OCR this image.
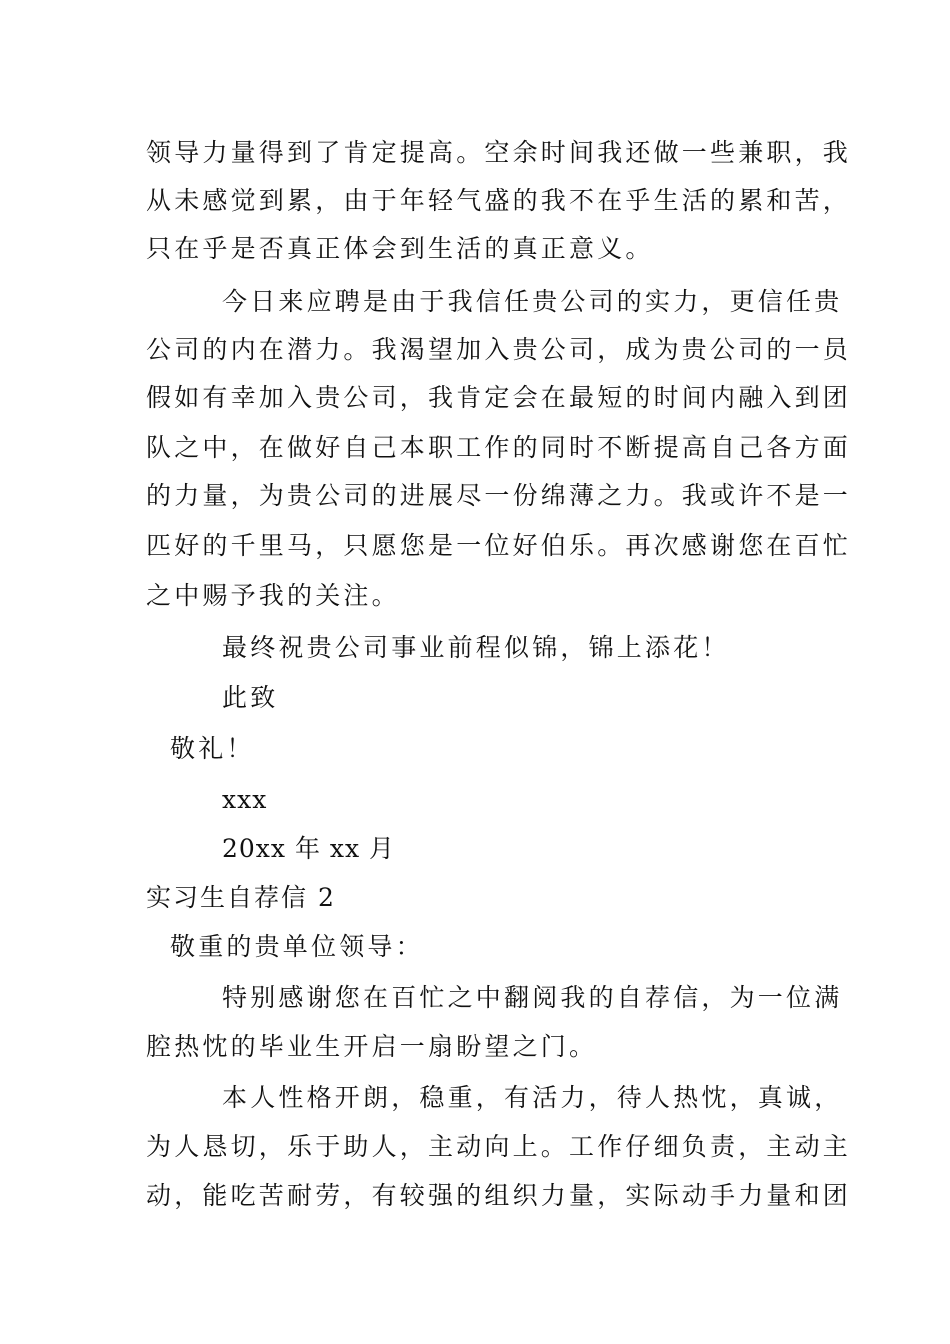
领导力量得到了肯定提高。空余时间我还做一些兼职，我
从未感觉到累，由于年轻气盛的我不在乎生活的累和苦，
只在乎是否真正体会到生活的真正意义。
今日来应聘是由于我信任贵公司的实力，更信任贵
公司的内在潜力。我渴望加入贵公司，成为贵公司的一员
假如有幸加入贵公司，我肯定会在最短的时间内融入到团
队之中，在做好自己本职工作的同时不断提高自己各方面
的力量，为贵公司的进展尽一份绵薄之力。我或许不是一
匹好的千里马，只愿您是一位好伯乐。再次感谢您在百忙
之中赐予我的关注。
最终祝贵公司事业前程似锦，锦上添花！
此致
敬礼！
xxx
20xx 年 xx 月
实习生自荐信 2
敬重的贵单位领导：
特别感谢您在百忙之中翻阅我的自荐信，为一位满
腔热忱的毕业生开启一扇盼望之门。
本人性格开朗，稳重，有活力，待人热忱，真诚，
为人恳切，乐于助人，主动向上。工作仔细负责，主动主
动，能吃苦耐劳，有较强的组织力量，实际动手力量和团
